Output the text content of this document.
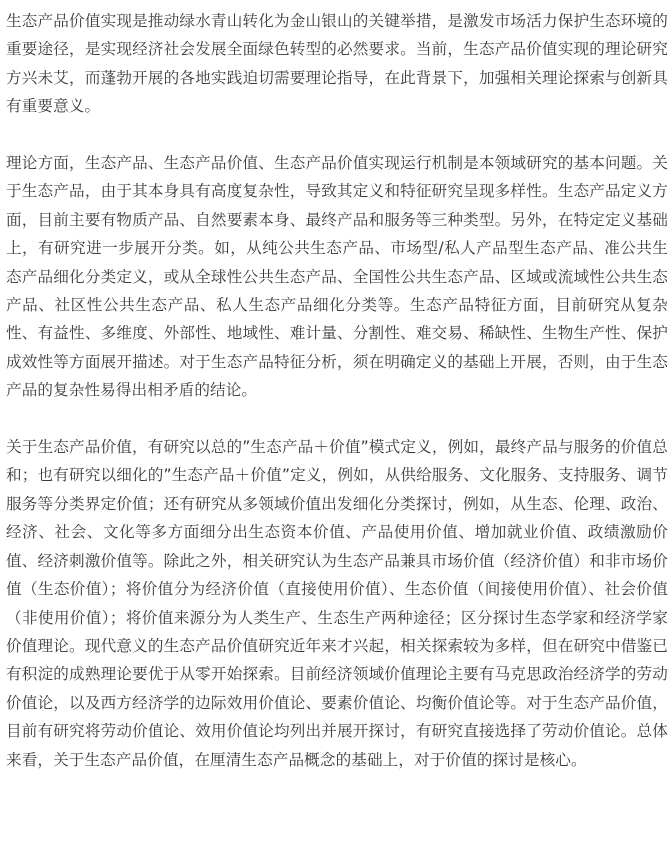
生态产品价值实现是推动绿水青山转化为金山银山的关键举措，是激发市场活力保护生态环境的重要途径，是实现经济社会发展全面绿色转型的必然要求。当前，生态产品价值实现的理论研究方兴未艾，而蓬勃开展的各地实践迫切需要理论指导，在此背景下，加强相关理论探索与创新具有重要意义。

理论方面，生态产品、生态产品价值、生态产品价值实现运行机制是本领域研究的基本问题。关于生态产品，由于其本身具有高度复杂性，导致其定义和特征研究呈现多样性。生态产品定义方面，目前主要有物质产品、自然要素本身、最终产品和服务等三种类型。另外，在特定定义基础上，有研究进一步展开分类。如，从纯公共生态产品、市场型/私人产品型生态产品、准公共生态产品细化分类定义，或从全球性公共生态产品、全国性公共生态产品、区域或流域性公共生态产品、社区性公共生态产品、私人生态产品细化分类等。生态产品特征方面，目前研究从复杂性、有益性、多维度、外部性、地域性、难计量、分割性、难交易、稀缺性、生物生产性、保护成效性等方面展开描述。对于生态产品特征分析，须在明确定义的基础上开展，否则，由于生态产品的复杂性易得出相矛盾的结论。

关于生态产品价值，有研究以总的”生态产品＋价值”模式定义，例如，最终产品与服务的价值总和；也有研究以细化的”生态产品＋价值”定义，例如，从供给服务、文化服务、支持服务、调节服务等分类界定价值；还有研究从多领域价值出发细化分类探讨，例如，从生态、伦理、政治、经济、社会、文化等多方面细分出生态资本价值、产品使用价值、增加就业价值、政绩激励价值、经济刺激价值等。除此之外，相关研究认为生态产品兼具市场价值（经济价值）和非市场价值（生态价值）；将价值分为经济价值（直接使用价值）、生态价值（间接使用价值）、社会价值（非使用价值）；将价值来源分为人类生产、生态生产两种途径；区分探讨生态学家和经济学家价值理论。现代意义的生态产品价值研究近年来才兴起，相关探索较为多样，但在研究中借鉴已有积淀的成熟理论要优于从零开始探索。目前经济领域价值理论主要有马克思政治经济学的劳动价值论，以及西方经济学的边际效用价值论、要素价值论、均衡价值论等。对于生态产品价值，目前有研究将劳动价值论、效用价值论均列出并展开探讨，有研究直接选择了劳动价值论。总体来看，关于生态产品价值，在厘清生态产品概念的基础上，对于价值的探讨是核心。
